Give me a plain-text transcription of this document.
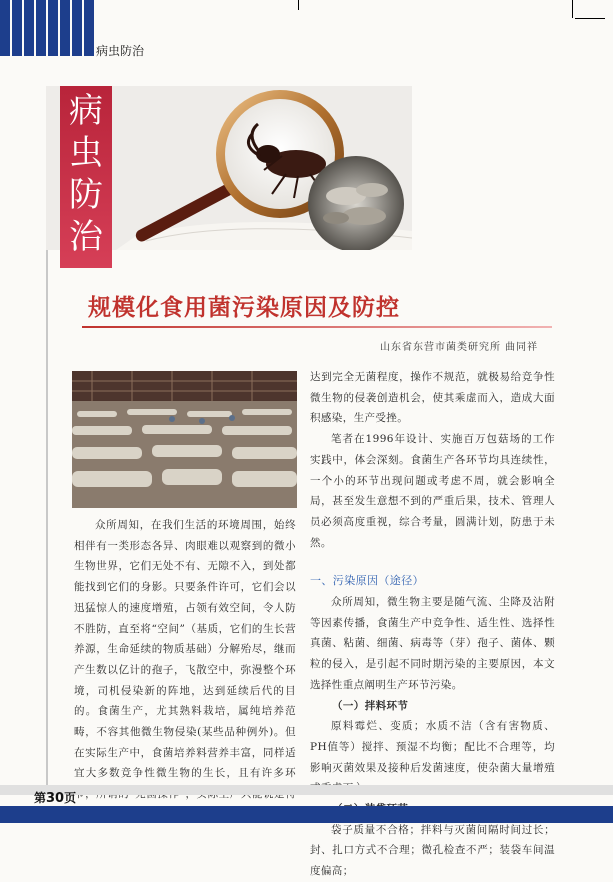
病虫防治
病虫防治
规模化食用菌污染原因及防控
山东省东营市菌类研究所 曲同祥

众所周知，在我们生活的环境周围，始终相伴有一类形态各异、肉眼难以观察到的微小生物世界，它们无处不有、无隙不入，到处都能找到它们的身影。只要条件许可，它们会以迅猛惊人的速度增殖，占领有效空间，令人防不胜防，直至将“空间”（基质，它们的生长营养源，生命延续的物质基础）分解殆尽，继而产生数以亿计的孢子，飞散空中，弥漫整个环境，司机侵染新的阵地，达到延续后代的目的。食菌生产，尤其熟料栽培，属纯培养范畴，不容其他微生物侵染(某些品种例外)。但在实际生产中，食菌培养料营养丰富，同样适宜大多数竞争性微生物的生长，且有许多环

达到完全无菌程度，操作不规范，就极易给竞争性微生物的侵袭创造机会，使其乘虚而入，造成大面积感染，生产受挫。

笔者在1996年设计、实施百万包菇场的工作实践中，体会深刻。食菌生产各环节均具连续性，一个小的环节出现问题或考虑不周，就会影响全局，甚至发生意想不到的严重后果，技术、管理人员必须高度重视，综合考量，圆满计划，防患于未然。

一、污染原因（途径）

众所周知，微生物主要是随气流、尘降及沾附等因素传播，食菌生产中竞争性、适生性、选择性真菌、粘菌、细菌、病毒等（芽）孢子、菌体、颗粒的侵入，是引起不同时期污染的主要原因，本文选择性重点阐明生产环节污染。

（一）拌料环节

原料霉烂、变质；水质不洁（含有害物质、PH值等）搅拌、预湿不均衡；配比不合理等，均影响灭菌效果及接种后发菌速度，使杂菌大量增殖

袋子质量不合格；拌料与灭菌间隔时间过长；封、扎口方式不合理；微孔检查不严；装袋车间温度偏高；

第30页
